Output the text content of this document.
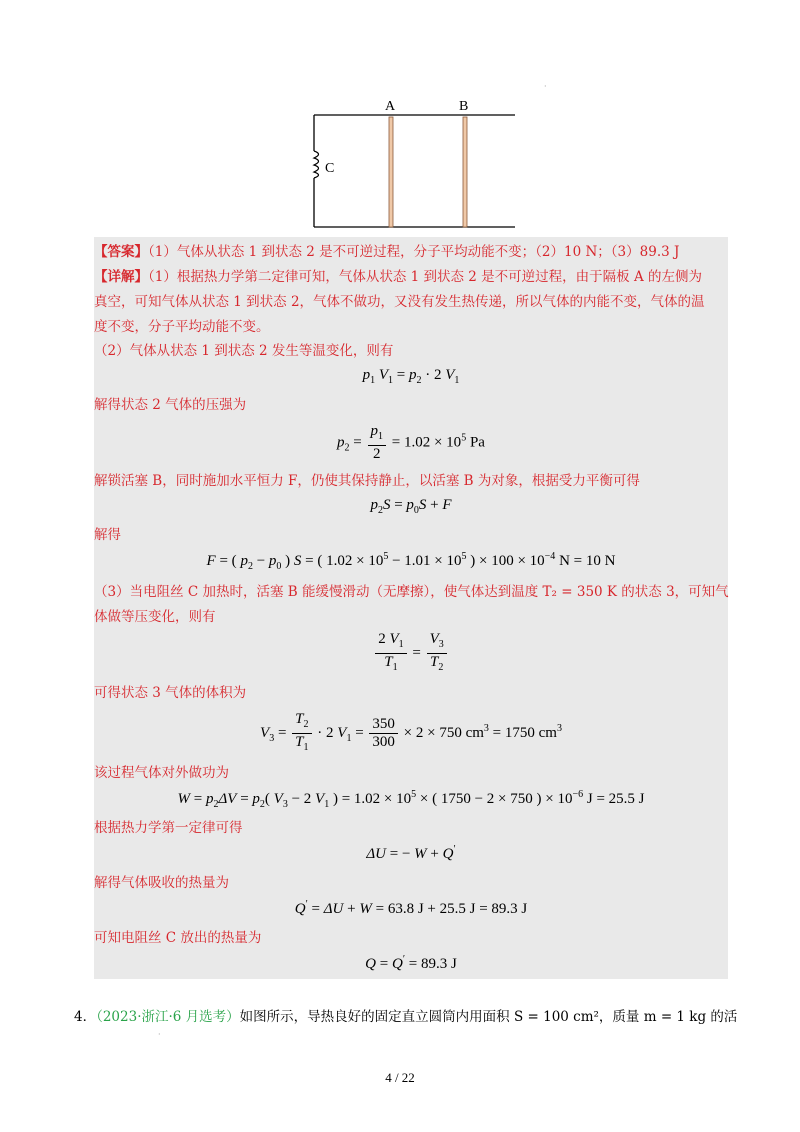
A	B
C
·
【答案】（1）气体从状态 1 到状态 2 是不可逆过程，分子平均动能不变；（2）10 N；（3）89.3 J
【详解】（1）根据热力学第二定律可知，气体从状态 1 到状态 2 是不可逆过程，由于隔板 A 的左侧为
真空，可知气体从状态 1 到状态 2，气体不做功，又没有发生热传递，所以气体的内能不变，气体的温
度不变，分子平均动能不变。
（2）气体从状态 1 到状态 2 发生等温变化，则有
$p_1$ $V_1 = p_2 \cdot 2$ $V_1$
解得状态 2 气体的压强为
$p_2 = \frac{p_1}{2} = 1.02 \times 10^5$ Pa
解锁活塞 B，同时施加水平恒力 F，仍使其保持静止，以活塞 B 为对象，根据受力平衡可得
$p_2S = p_0S + F$
解得
F = ( $p_2 - p_0$ ) S = ( $1.02 \times 10^5 - 1.01 \times 10^5$ ) × $100 \times 10^{-4}$ N = 10 N
（3）当电阻丝 C 加热时，活塞 B 能缓慢滑动（无摩擦），使气体达到温度 T₂ = 350 K 的状态 3，可知气
体做等压变化，则有
$\frac{2 V_1}{T_1} = \frac{V_3}{T_2}$
可得状态 3 气体的体积为
$V_3 = \frac{T_2}{T_1} \cdot 2$ $V_1 = \frac{350}{300} \times 2 \times 750$ $cm^3 = 1750$ $cm^3$
该过程气体对外做功为
$W = p_2\Delta V = p_2$( $V_3 - 2$ $V_1$ ) = $1.02 \times 10^5$ × ( 1750 − 2 × 750 ) × $10^{-6}$ J = 25.5 J
根据热力学第一定律可得
ΔU = − W + Q′
解得气体吸收的热量为
Q′ = ΔU + W = 63.8 J + 25.5 J = 89.3 J
可知电阻丝 C 放出的热量为
Q = Q′ = 89.3 J
4．（2023·浙江·6 月选考）如图所示，导热良好的固定直立圆筒内用面积 S = 100 cm²，质量 m = 1 kg 的活
·
4 / 22
